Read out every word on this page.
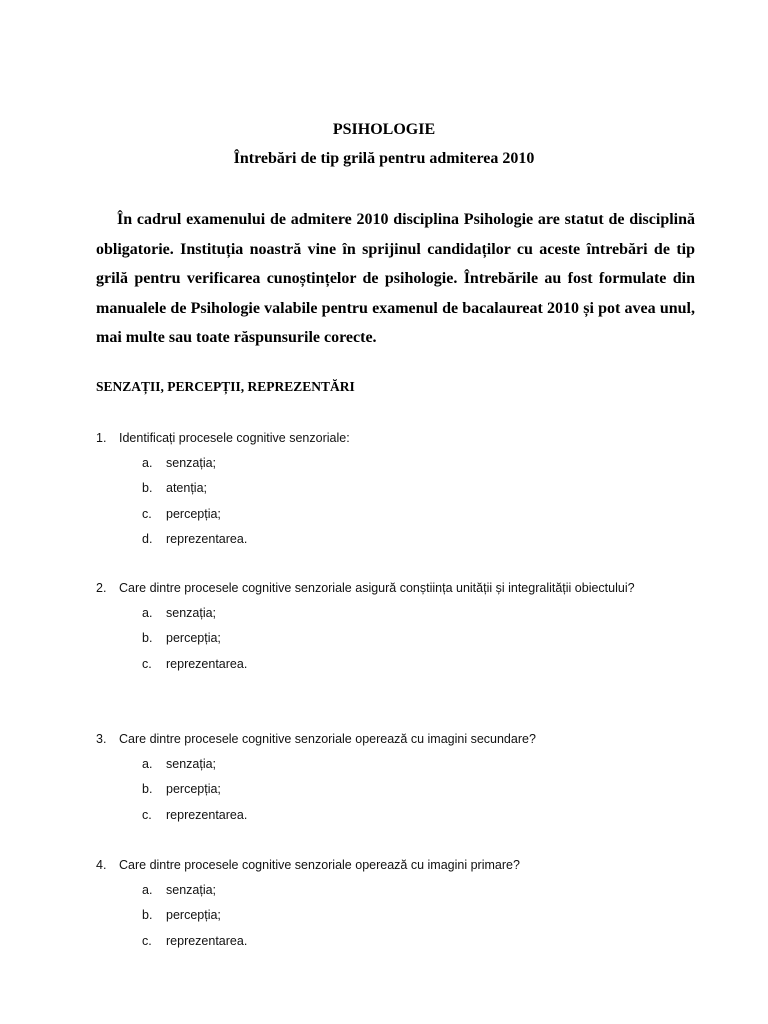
PSIHOLOGIE
Întrebări de tip grilă pentru admiterea 2010

În cadrul examenului de admitere 2010 disciplina Psihologie are statut de disciplină obligatorie. Instituția noastră vine în sprijinul candidaților cu aceste întrebări de tip grilă pentru verificarea cunoștințelor de psihologie. Întrebările au fost formulate din manualele de Psihologie valabile pentru examenul de bacalaureat 2010 și pot avea unul, mai multe sau toate răspunsurile corecte.

SENZAȚII, PERCEPȚII, REPREZENTĂRI

1. Identificați procesele cognitive senzoriale:

a. senzația;
b. atenția;
c. percepția;
d. reprezentarea.

2. Care dintre procesele cognitive senzoriale asigură conștiința unității și integralității obiectului?

a. senzația;
b. percepția;
c. reprezentarea.

3. Care dintre procesele cognitive senzoriale operează cu imagini secundare?

a. senzația;
b. percepția;
c. reprezentarea.

4. Care dintre procesele cognitive senzoriale operează cu imagini primare?

a. senzația;
b. percepția;
c. reprezentarea.
